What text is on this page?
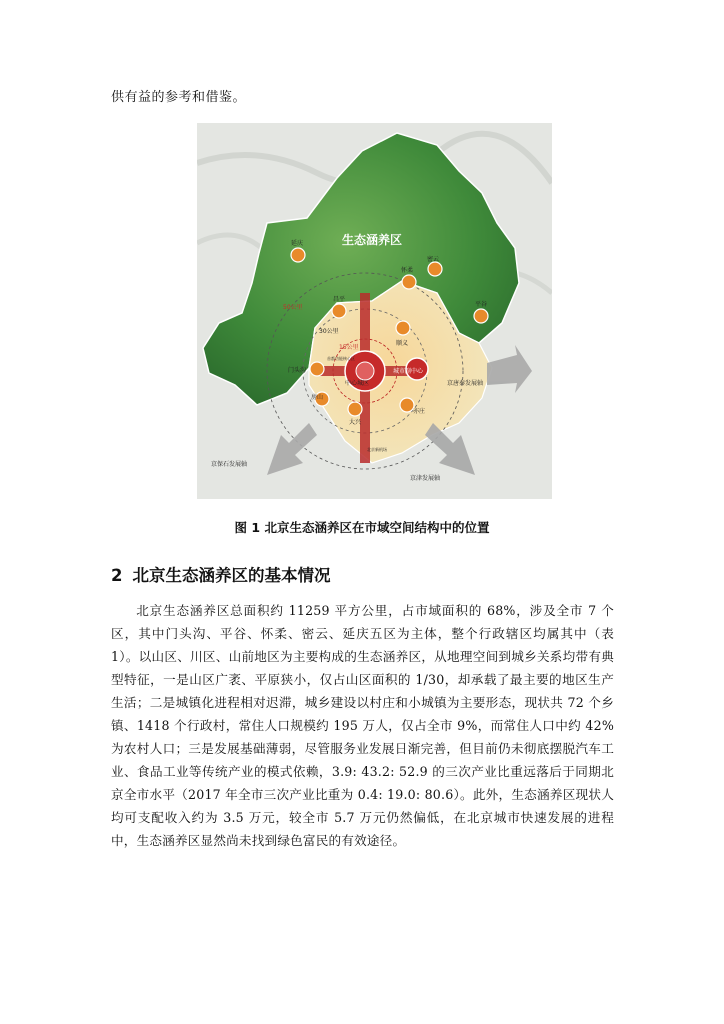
供有益的参考和借鉴。

生态涵养区
延庆
怀柔
密云
昌平
顺义
平谷
门头沟
房山
大兴
亦庄
30公里
50公里
15公里
中心城区
城市副中心
首都功能核心区
京保石发展轴
京津发展轴
京唐秦发展轴
北京新机场

图 1 北京生态涵养区在市域空间结构中的位置

2 北京生态涵养区的基本情况

北京生态涵养区总面积约 11259 平方公里，占市域面积的 68%，涉及全市 7 个区，其中门头沟、平谷、怀柔、密云、延庆五区为主体，整个行政辖区均属其中（表 1）。以山区、川区、山前地区为主要构成的生态涵养区，从地理空间到城乡关系均带有典型特征，一是山区广袤、平原狭小，仅占山区面积的 1/30，却承载了最主要的地区生产生活；二是城镇化进程相对迟滞，城乡建设以村庄和小城镇为主要形态，现状共 72 个乡镇、1418 个行政村，常住人口规模约 195 万人，仅占全市 9%，而常住人口中约 42%为农村人口；三是发展基础薄弱，尽管服务业发展日渐完善，但目前仍未彻底摆脱汽车工业、食品工业等传统产业的模式依赖，3.9: 43.2: 52.9 的三次产业比重远落后于同期北京全市水平（2017 年全市三次产业比重为 0.4: 19.0: 80.6）。此外，生态涵养区现状人均可支配收入约为 3.5 万元，较全市 5.7 万元仍然偏低，在北京城市快速发展的进程中，生态涵养区显然尚未找到绿色富民的有效途径。
